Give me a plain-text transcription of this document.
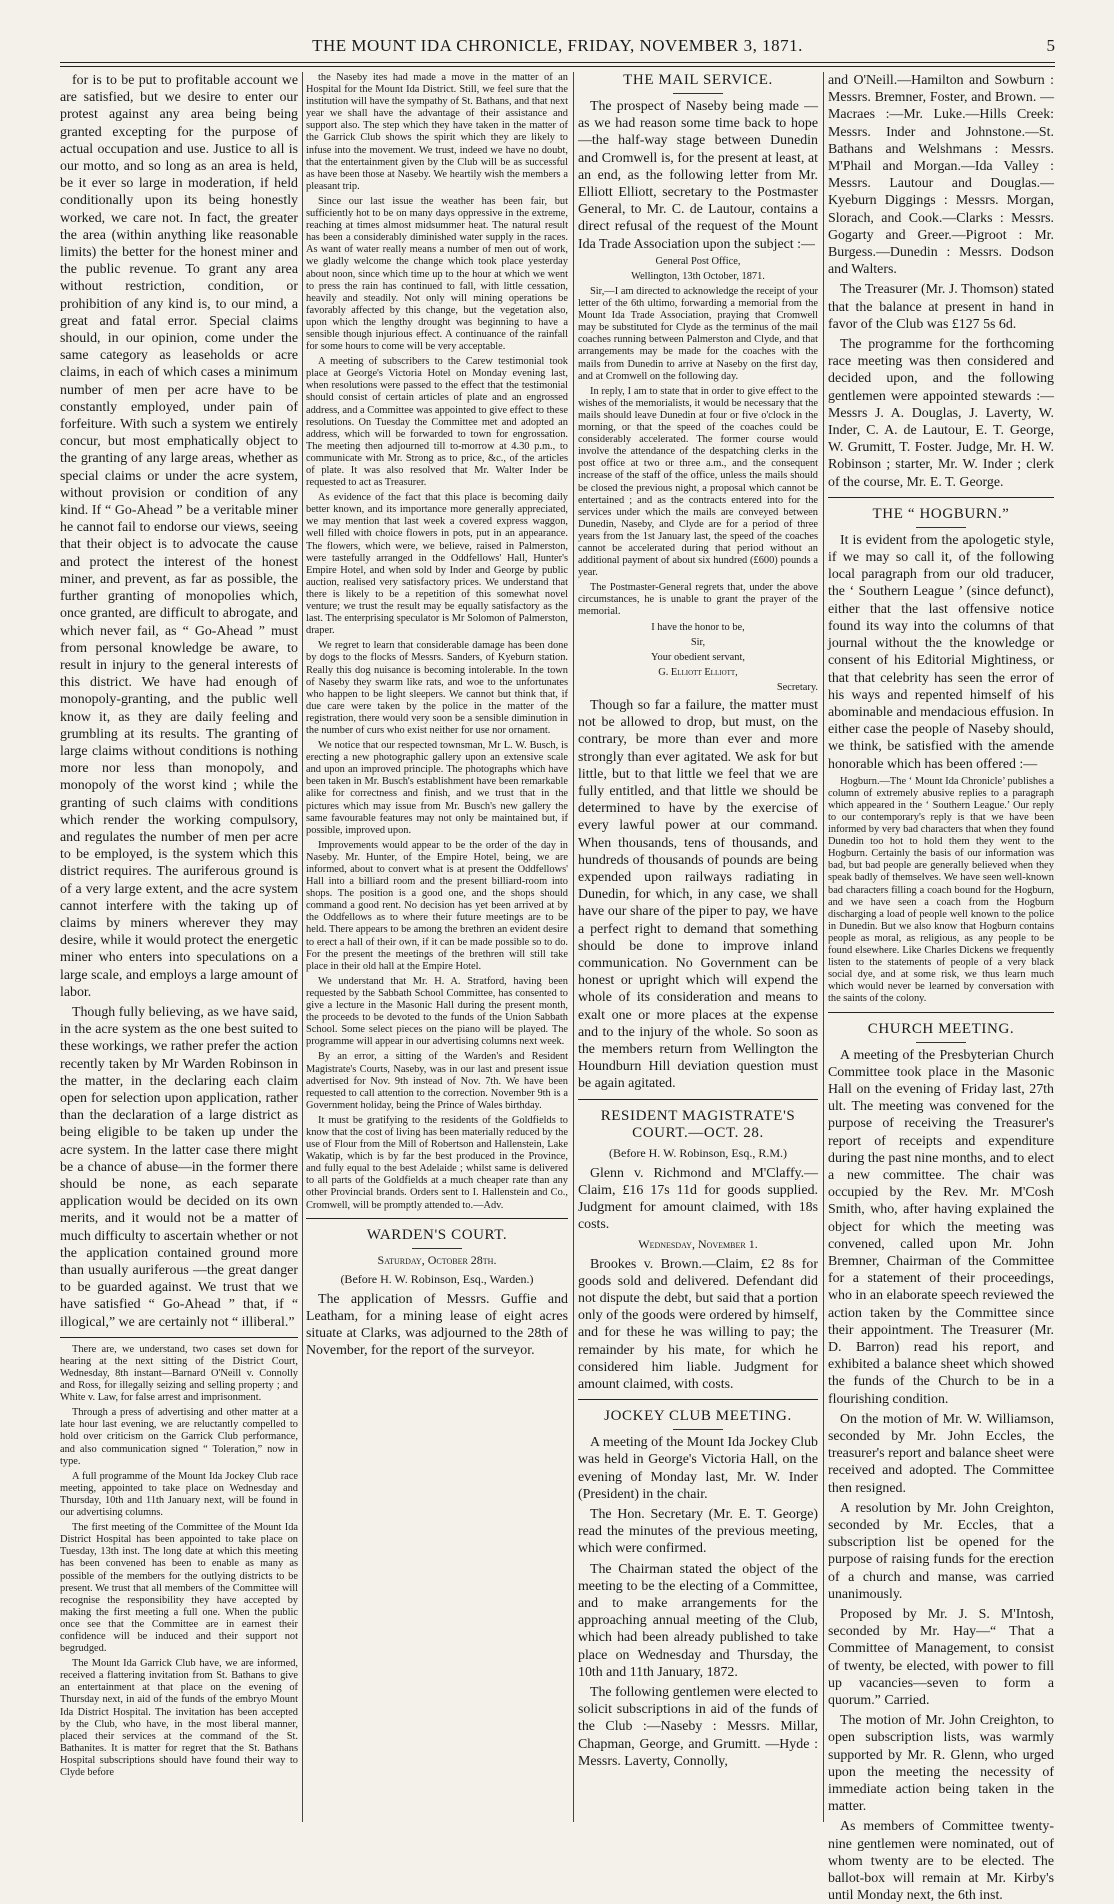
THE MOUNT IDA CHRONICLE, FRIDAY, NOVEMBER 3, 1871.	5

for is to be put to profitable account we are satisfied, but we desire to enter our protest against any area being being granted excepting for the purpose of actual occupation and use. Justice to all is our motto, and so long as an area is held, be it ever so large in moderation, if held conditionally upon its being honestly worked, we care not. In fact, the greater the area (within anything like reasonable limits) the better for the honest miner and the public revenue. To grant any area without restriction, condition, or prohibition of any kind is, to our mind, a great and fatal error. Special claims should, in our opinion, come under the same category as leaseholds or acre claims, in each of which cases a minimum number of men per acre have to be constantly employed, under pain of forfeiture. With such a system we entirely concur, but most emphatically object to the granting of any large areas, whether as special claims or under the acre system, without provision or condition of any kind. If “ Go-Ahead ” be a veritable miner he cannot fail to endorse our views, seeing that their object is to advocate the cause and protect the interest of the honest miner, and prevent, as far as possible, the further granting of monopolies which, once granted, are difficult to abrogate, and which never fail, as “ Go-Ahead ” must from personal knowledge be aware, to result in injury to the general interests of this district. We have had enough of monopoly-granting, and the public well know it, as they are daily feeling and grumbling at its results. The granting of large claims without conditions is nothing more nor less than monopoly, and monopoly of the worst kind ; while the granting of such claims with conditions which render the working compulsory, and regulates the number of men per acre to be employed, is the system which this district requires. The auriferous ground is of a very large extent, and the acre system cannot interfere with the taking up of claims by miners wherever they may desire, while it would protect the energetic miner who enters into speculations on a large scale, and employs a large amount of labor.

Though fully believing, as we have said, in the acre system as the one best suited to these workings, we rather prefer the action recently taken by Mr Warden Robinson in the matter, in the declaring each claim open for selection upon application, rather than the declaration of a large district as being eligible to be taken up under the acre system. In the latter case there might be a chance of abuse—in the former there should be none, as each separate application would be decided on its own merits, and it would not be a matter of much difficulty to ascertain whether or not the application contained ground more than usually auriferous —the great danger to be guarded against. We trust that we have satisfied “ Go-Ahead ” that, if “ illogical,” we are certainly not “ illiberal.”

There are, we understand, two cases set down for hearing at the next sitting of the District Court, Wednesday, 8th instant—Barnard O'Neill v. Connolly and Ross, for illegally seizing and selling property ; and White v. Law, for false arrest and imprisonment.

Through a press of advertising and other matter at a late hour last evening, we are reluctantly compelled to hold over criticism on the Garrick Club performance, and also communication signed “ Toleration,” now in type.

A full programme of the Mount Ida Jockey Club race meeting, appointed to take place on Wednesday and Thursday, 10th and 11th January next, will be found in our advertising columns.

The first meeting of the Committee of the Mount Ida District Hospital has been appointed to take place on Tuesday, 13th inst. The long date at which this meeting has been convened has been to enable as many as possible of the members for the outlying districts to be present. We trust that all members of the Committee will recognise the responsibility they have accepted by making the first meeting a full one. When the public once see that the Committee are in earnest their confidence will be induced and their support not begrudged.

The Mount Ida Garrick Club have, we are informed, received a flattering invitation from St. Bathans to give an entertainment at that place on the evening of Thursday next, in aid of the funds of the embryo Mount Ida District Hospital. The invitation has been accepted by the Club, who have, in the most liberal manner, placed their services at the command of the St. Bathanites. It is matter for regret that the St. Bathans Hospital subscriptions should have found their way to Clyde before

the Naseby ites had made a move in the matter of an Hospital for the Mount Ida District. Still, we feel sure that the institution will have the sympathy of St. Bathans, and that next year we shall have the advantage of their assistance and support also. The step which they have taken in the matter of the Garrick Club shows the spirit which they are likely to infuse into the movement. We trust, indeed we have no doubt, that the entertainment given by the Club will be as successful as have been those at Naseby. We heartily wish the members a pleasant trip.

Since our last issue the weather has been fair, but sufficiently hot to be on many days oppressive in the extreme, reaching at times almost midsummer heat. The natural result has been a considerably diminished water supply in the races. As want of water really means a number of men out of work, we gladly welcome the change which took place yesterday about noon, since which time up to the hour at which we went to press the rain has continued to fall, with little cessation, heavily and steadily. Not only will mining operations be favorably affected by this change, but the vegetation also, upon which the lengthy drought was beginning to have a sensible though injurious effect. A continuance of the rainfall for some hours to come will be very acceptable.

A meeting of subscribers to the Carew testimonial took place at George's Victoria Hotel on Monday evening last, when resolutions were passed to the effect that the testimonial should consist of certain articles of plate and an engrossed address, and a Committee was appointed to give effect to these resolutions. On Tuesday the Committee met and adopted an address, which will be forwarded to town for engrossation. The meeting then adjourned till to-morrow at 4.30 p.m., to communicate with Mr. Strong as to price, &c., of the articles of plate. It was also resolved that Mr. Walter Inder be requested to act as Treasurer.

As evidence of the fact that this place is becoming daily better known, and its importance more generally appreciated, we may mention that last week a covered express waggon, well filled with choice flowers in pots, put in an appearance. The flowers, which were, we believe, raised in Palmerston, were tastefully arranged in the Oddfellows' Hall, Hunter's Empire Hotel, and when sold by Inder and George by public auction, realised very satisfactory prices. We understand that there is likely to be a repetition of this somewhat novel venture; we trust the result may be equally satisfactory as the last. The enterprising speculator is Mr Solomon of Palmerston, draper.

We regret to learn that considerable damage has been done by dogs to the flocks of Messrs. Sanders, of Kyeburn station. Really this dog nuisance is becoming intolerable. In the town of Naseby they swarm like rats, and woe to the unfortunates who happen to be light sleepers. We cannot but think that, if due care were taken by the police in the matter of the registration, there would very soon be a sensible diminution in the number of curs who exist neither for use nor ornament.

We notice that our respected townsman, Mr L. W. Busch, is erecting a new photographic gallery upon an extensive scale and upon an improved principle. The photographs which have been taken in Mr. Busch's establishment have been remarkable alike for correctness and finish, and we trust that in the pictures which may issue from Mr. Busch's new gallery the same favourable features may not only be maintained but, if possible, improved upon.

Improvements would appear to be the order of the day in Naseby. Mr. Hunter, of the Empire Hotel, being, we are informed, about to convert what is at present the Oddfellows' Hall into a billiard room and the present billiard-room into shops. The position is a good one, and the shops should command a good rent. No decision has yet been arrived at by the Oddfellows as to where their future meetings are to be held. There appears to be among the brethren an evident desire to erect a hall of their own, if it can be made possible so to do. For the present the meetings of the brethren will still take place in their old hall at the Empire Hotel.

We understand that Mr. H. A. Stratford, having been requested by the Sabbath School Committee, has consented to give a lecture in the Masonic Hall during the present month, the proceeds to be devoted to the funds of the Union Sabbath School. Some select pieces on the piano will be played. The programme will appear in our advertising columns next week.

By an error, a sitting of the Warden's and Resident Magistrate's Courts, Naseby, was in our last and present issue advertised for Nov. 9th instead of Nov. 7th. We have been requested to call attention to the correction. November 9th is a Government holiday, being the Prince of Wales birthday.

It must be gratifying to the residents of the Goldfields to know that the cost of living has been materially reduced by the use of Flour from the Mill of Robertson and Hallenstein, Lake Wakatip, which is by far the best produced in the Province, and fully equal to the best Adelaide ; whilst same is delivered to all parts of the Goldfields at a much cheaper rate than any other Provincial brands. Orders sent to I. Hallenstein and Co., Cromwell, will be promptly attended to.—Adv.

WARDEN'S COURT.

Saturday, October 28th.

(Before H. W. Robinson, Esq., Warden.)

The application of Messrs. Guffie and Leatham, for a mining lease of eight acres situate at Clarks, was adjourned to the 28th of November, for the report of the surveyor.

THE MAIL SERVICE.

The prospect of Naseby being made —as we had reason some time back to hope—the half-way stage between Dunedin and Cromwell is, for the present at least, at an end, as the following letter from Mr. Elliott Elliott, secretary to the Postmaster General, to Mr. C. de Lautour, contains a direct refusal of the request of the Mount Ida Trade Association upon the subject :—

General Post Office,

Wellington, 13th October, 1871.

Sir,—I am directed to acknowledge the receipt of your letter of the 6th ultimo, forwarding a memorial from the Mount Ida Trade Association, praying that Cromwell may be substituted for Clyde as the terminus of the mail coaches running between Palmerston and Clyde, and that arrangements may be made for the coaches with the mails from Dunedin to arrive at Naseby on the first day, and at Cromwell on the following day.

In reply, I am to state that in order to give effect to the wishes of the memorialists, it would be necessary that the mails should leave Dunedin at four or five o'clock in the morning, or that the speed of the coaches could be considerably accelerated. The former course would involve the attendance of the despatching clerks in the post office at two or three a.m., and the consequent increase of the staff of the office, unless the mails should be closed the previous night, a proposal which cannot be entertained ; and as the contracts entered into for the services under which the mails are conveyed between Dunedin, Naseby, and Clyde are for a period of three years from the 1st January last, the speed of the coaches cannot be accelerated during that period without an additional payment of about six hundred (£600) pounds a year.

The Postmaster-General regrets that, under the above circumstances, he is unable to grant the prayer of the memorial.

I have the honor to be,

Sir,

Your obedient servant,

G. Elliott Elliott,

Secretary.

Though so far a failure, the matter must not be allowed to drop, but must, on the contrary, be more than ever and more strongly than ever agitated. We ask for but little, but to that little we feel that we are fully entitled, and that little we should be determined to have by the exercise of every lawful power at our command. When thousands, tens of thousands, and hundreds of thousands of pounds are being expended upon railways radiating in Dunedin, for which, in any case, we shall have our share of the piper to pay, we have a perfect right to demand that something should be done to improve inland communication. No Government can be honest or upright which will expend the whole of its consideration and means to exalt one or more places at the expense and to the injury of the whole. So soon as the members return from Wellington the Houndburn Hill deviation question must be again agitated.

RESIDENT MAGISTRATE'S COURT.—OCT. 28.

(Before H. W. Robinson, Esq., R.M.)

Glenn v. Richmond and M'Claffy.—Claim, £16 17s 11d for goods supplied. Judgment for amount claimed, with 18s costs.

Wednesday, November 1.

Brookes v. Brown.—Claim, £2 8s for goods sold and delivered. Defendant did not dispute the debt, but said that a portion only of the goods were ordered by himself, and for these he was willing to pay; the remainder by his mate, for which he considered him liable. Judgment for amount claimed, with costs.

JOCKEY CLUB MEETING.

A meeting of the Mount Ida Jockey Club was held in George's Victoria Hall, on the evening of Monday last, Mr. W. Inder (President) in the chair.

The Hon. Secretary (Mr. E. T. George) read the minutes of the previous meeting, which were confirmed.

The Chairman stated the object of the meeting to be the electing of a Committee, and to make arrangements for the approaching annual meeting of the Club, which had been already published to take place on Wednesday and Thursday, the 10th and 11th January, 1872.

The following gentlemen were elected to solicit subscriptions in aid of the funds of the Club :—Naseby : Messrs. Millar, Chapman, George, and Grumitt. —Hyde : Messrs. Laverty, Connolly,

and O'Neill.—Hamilton and Sowburn : Messrs. Bremner, Foster, and Brown. —Macraes :—Mr. Luke.—Hills Creek: Messrs. Inder and Johnstone.—St. Bathans and Welshmans : Messrs. M'Phail and Morgan.—Ida Valley : Messrs. Lautour and Douglas.—Kyeburn Diggings : Messrs. Morgan, Slorach, and Cook.—Clarks : Messrs. Gogarty and Greer.—Pigroot : Mr. Burgess.—Dunedin : Messrs. Dodson and Walters.

The Treasurer (Mr. J. Thomson) stated that the balance at present in hand in favor of the Club was £127 5s 6d.

The programme for the forthcoming race meeting was then considered and decided upon, and the following gentlemen were appointed stewards :—Messrs J. A. Douglas, J. Laverty, W. Inder, C. A. de Lautour, E. T. George, W. Grumitt, T. Foster. Judge, Mr. H. W. Robinson ; starter, Mr. W. Inder ; clerk of the course, Mr. E. T. George.

THE “ HOGBURN.”

It is evident from the apologetic style, if we may so call it, of the following local paragraph from our old traducer, the ‘ Southern League ’ (since defunct), either that the last offensive notice found its way into the columns of that journal without the the knowledge or consent of his Editorial Mightiness, or that that celebrity has seen the error of his ways and repented himself of his abominable and mendacious effusion. In either case the people of Naseby should, we think, be satisfied with the amende honorable which has been offered :—

Hogburn.—The ‘ Mount Ida Chronicle’ publishes a column of extremely abusive replies to a paragraph which appeared in the ‘ Southern League.’ Our reply to our contemporary's reply is that we have been informed by very bad characters that when they found Dunedin too hot to hold them they went to the Hogburn. Certainly the basis of our information was bad, but bad people are generally believed when they speak badly of themselves. We have seen well-known bad characters filling a coach bound for the Hogburn, and we have seen a coach from the Hogburn discharging a load of people well known to the police in Dunedin. But we also know that Hogburn contains people as moral, as religious, as any people to be found elsewhere. Like Charles Dickens we frequently listen to the statements of people of a very black social dye, and at some risk, we thus learn much which would never be learned by conversation with the saints of the colony.

CHURCH MEETING.

A meeting of the Presbyterian Church Committee took place in the Masonic Hall on the evening of Friday last, 27th ult. The meeting was convened for the purpose of receiving the Treasurer's report of receipts and expenditure during the past nine months, and to elect a new committee. The chair was occupied by the Rev. Mr. M'Cosh Smith, who, after having explained the object for which the meeting was convened, called upon Mr. John Bremner, Chairman of the Committee for a statement of their proceedings, who in an elaborate speech reviewed the action taken by the Committee since their appointment. The Treasurer (Mr. D. Barron) read his report, and exhibited a balance sheet which showed the funds of the Church to be in a flourishing condition.

On the motion of Mr. W. Williamson, seconded by Mr. John Eccles, the treasurer's report and balance sheet were received and adopted. The Committee then resigned.

A resolution by Mr. John Creighton, seconded by Mr. Eccles, that a subscription list be opened for the purpose of raising funds for the erection of a church and manse, was carried unanimously.

Proposed by Mr. J. S. M'Intosh, seconded by Mr. Hay—“ That a Committee of Management, to consist of twenty, be elected, with power to fill up vacancies—seven to form a quorum.” Carried.

The motion of Mr. John Creighton, to open subscription lists, was warmly supported by Mr. R. Glenn, who urged upon the meeting the necessity of immediate action being taken in the matter.

As members of Committee twenty-nine gentlemen were nominated, out of whom twenty are to be elected. The ballot-box will remain at Mr. Kirby's until Monday next, the 6th inst.
